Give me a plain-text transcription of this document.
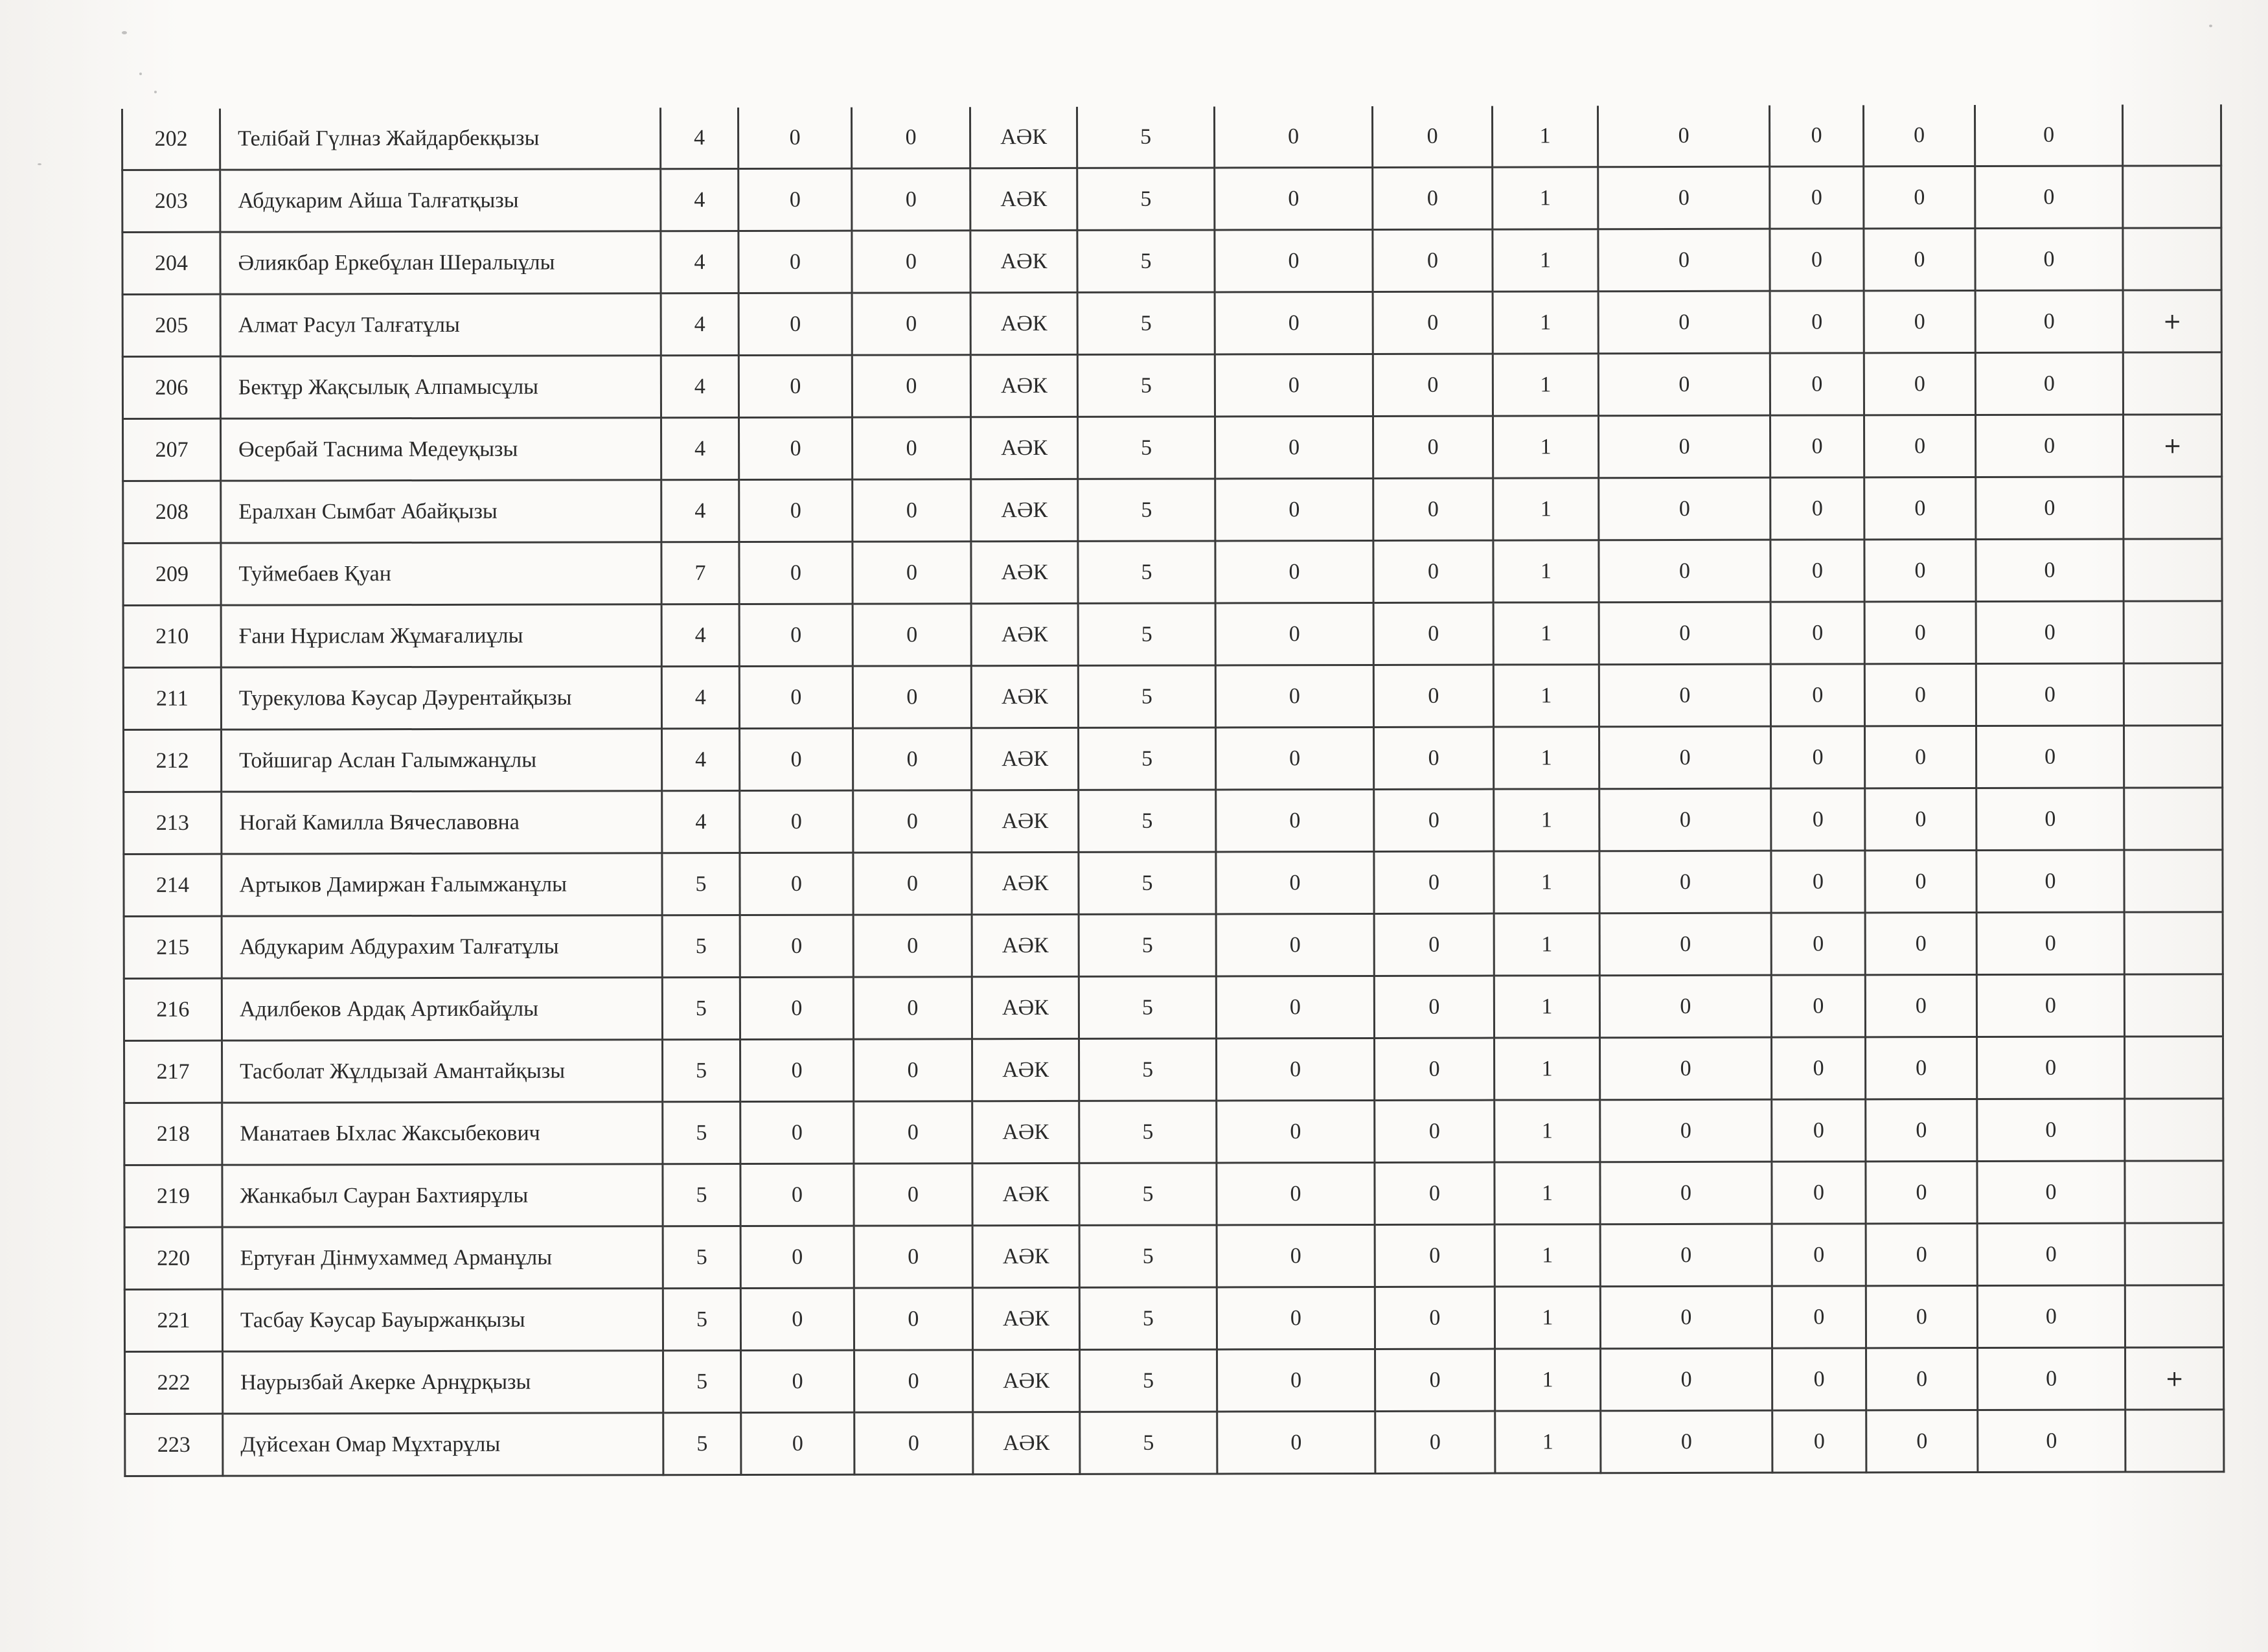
202	Телібай Гүлназ Жайдарбекқызы	4	0	0	АӘК	5	0	0	1	0	0	0	0	
203	Абдукарим Айша Талғатқызы	4	0	0	АӘК	5	0	0	1	0	0	0	0	
204	Әлиякбар Еркебұлан Шералыұлы	4	0	0	АӘК	5	0	0	1	0	0	0	0	
205	Алмат Расул Талғатұлы	4	0	0	АӘК	5	0	0	1	0	0	0	0	+
206	Бектұр Жақсылық Алпамысұлы	4	0	0	АӘК	5	0	0	1	0	0	0	0	
207	Өсербай Таснима Медеуқызы	4	0	0	АӘК	5	0	0	1	0	0	0	0	+
208	Ералхан Сымбат Абайқызы	4	0	0	АӘК	5	0	0	1	0	0	0	0	
209	Туймебаев Қуан	7	0	0	АӘК	5	0	0	1	0	0	0	0	
210	Ғани Нұрислам Жұмағалиұлы	4	0	0	АӘК	5	0	0	1	0	0	0	0	
211	Турекулова Кәусар Дәурентайқызы	4	0	0	АӘК	5	0	0	1	0	0	0	0	
212	Тойшигар Аслан Галымжанұлы	4	0	0	АӘК	5	0	0	1	0	0	0	0	
213	Ногай Камилла Вячеславовна	4	0	0	АӘК	5	0	0	1	0	0	0	0	
214	Артыков Дамиржан Ғалымжанұлы	5	0	0	АӘК	5	0	0	1	0	0	0	0	
215	Абдукарим Абдурахим Талғатұлы	5	0	0	АӘК	5	0	0	1	0	0	0	0	
216	Адилбеков Ардақ Артикбайұлы	5	0	0	АӘК	5	0	0	1	0	0	0	0	
217	Тасболат Жұлдызай Амантайқызы	5	0	0	АӘК	5	0	0	1	0	0	0	0	
218	Манатаев Ыхлас Жаксыбекович	5	0	0	АӘК	5	0	0	1	0	0	0	0	
219	Жанкабыл Сауран Бахтиярұлы	5	0	0	АӘК	5	0	0	1	0	0	0	0	
220	Ертуған Дінмухаммед Арманұлы	5	0	0	АӘК	5	0	0	1	0	0	0	0	
221	Тасбау Кәусар Бауыржанқызы	5	0	0	АӘК	5	0	0	1	0	0	0	0	
222	Наурызбай Акерке Арнұрқызы	5	0	0	АӘК	5	0	0	1	0	0	0	0	+
223	Дүйсехан Омар Мұхтарұлы	5	0	0	АӘК	5	0	0	1	0	0	0	0	
